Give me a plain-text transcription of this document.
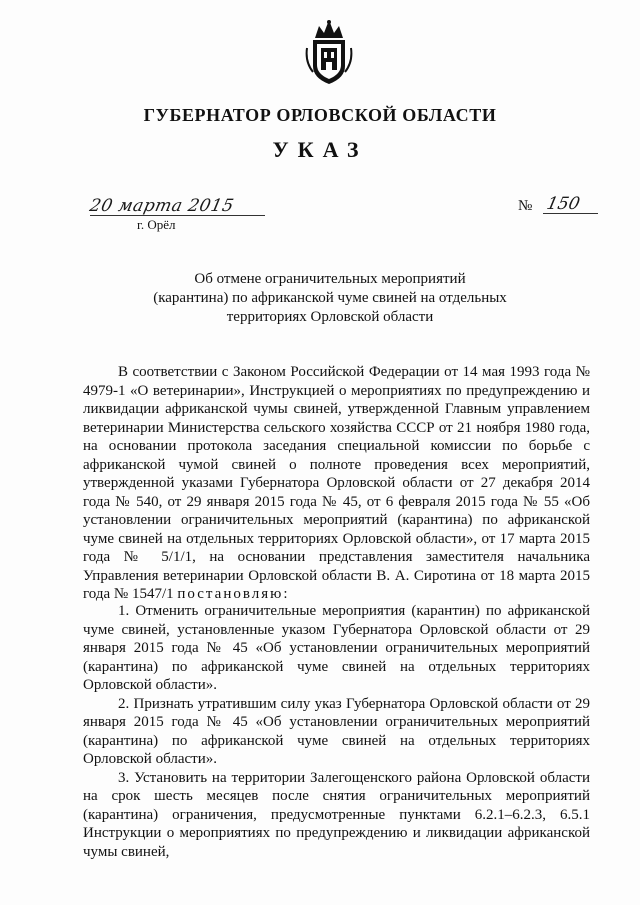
ГУБЕРНАТОР ОРЛОВСКОЙ ОБЛАСТИ
УКАЗ
20 марта 2015
г. Орёл
№ 150
Об отмене ограничительных мероприятий
(карантина) по африканской чуме свиней на отдельных
территориях Орловской области

В соответствии с Законом Российской Федерации от 14 мая 1993 года № 4979-1 «О ветеринарии», Инструкцией о мероприятиях по предупреждению и ликвидации африканской чумы свиней, утвержденной Главным управлением ветеринарии Министерства сельского хозяйства СССР от 21 ноября 1980 года, на основании протокола заседания специальной комиссии по борьбе с африканской чумой свиней о полноте проведения всех мероприятий, утвержденной указами Губернатора Орловской области от 27 декабря 2014 года № 540, от 29 января 2015 года № 45, от 6 февраля 2015 года № 55 «Об установлении ограничительных мероприятий (карантина) по африканской чуме свиней на отдельных территориях Орловской области», от 17 марта 2015 года № 5/1/1, на основании представления заместителя начальника Управления ветеринарии Орловской области В. А. Сиротина от 18 марта 2015 года № 1547/1 постановляю:

1. Отменить ограничительные мероприятия (карантин) по африканской чуме свиней, установленные указом Губернатора Орловской области от 29 января 2015 года № 45 «Об установлении ограничительных мероприятий (карантина) по африканской чуме свиней на отдельных территориях Орловской области».

2. Признать утратившим силу указ Губернатора Орловской области от 29 января 2015 года № 45 «Об установлении ограничительных мероприятий (карантина) по африканской чуме свиней на отдельных территориях Орловской области».

3. Установить на территории Залегощенского района Орловской области на срок шесть месяцев после снятия ограничительных мероприятий (карантина) ограничения, предусмотренные пунктами 6.2.1–6.2.3, 6.5.1 Инструкции о мероприятиях по предупреждению и ликвидации африканской чумы свиней,
